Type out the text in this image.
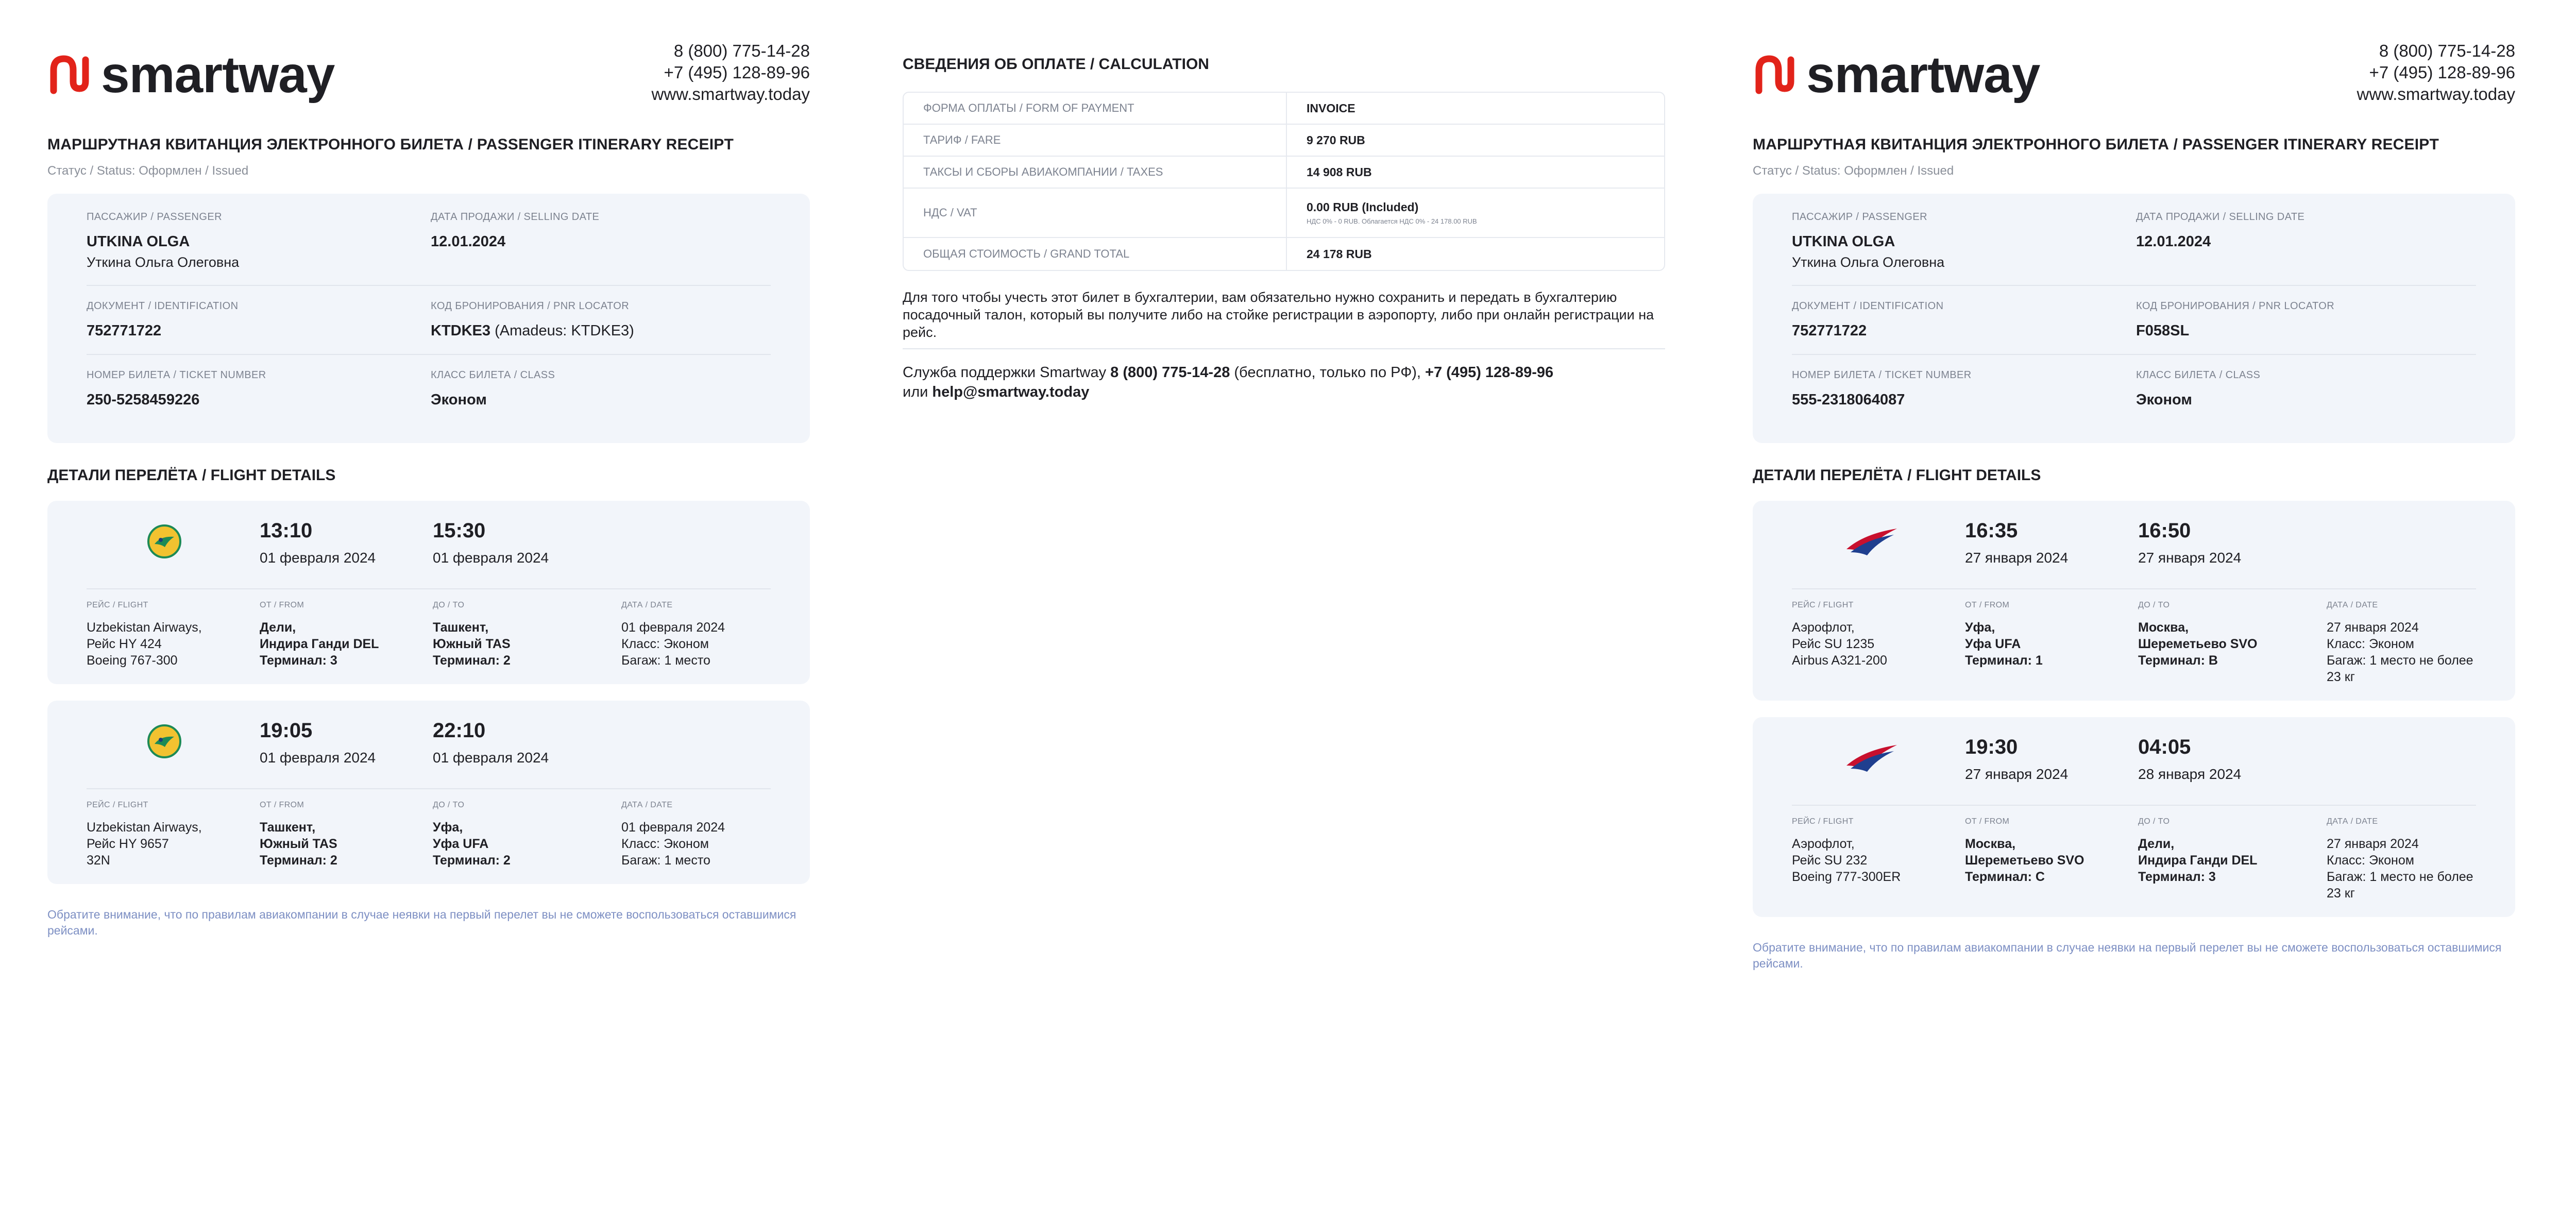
smartway	8 (800) 775-14-28
+7 (495) 128-89-96
www.smartway.today
МАРШРУТНАЯ КВИТАНЦИЯ ЭЛЕКТРОННОГО БИЛЕТА / PASSENGER ITINERARY RECEIPT
Статус / Status: Оформлен / Issued
ПАССАЖИР / PASSENGER
UTKINA OLGA
Уткина Ольга Олеговна
ДАТА ПРОДАЖИ / SELLING DATE
12.01.2024
ДОКУМЕНТ / IDENTIFICATION
752771722
КОД БРОНИРОВАНИЯ / PNR LOCATOR
KTDKE3 (Amadeus: KTDKE3)
НОМЕР БИЛЕТА / TICKET NUMBER
250-5258459226
КЛАСС БИЛЕТА / CLASS
Эконом
ДЕТАЛИ ПЕРЕЛЁТА / FLIGHT DETAILS
13:10
01 февраля 2024
15:30
01 февраля 2024
РЕЙС / FLIGHT
Uzbekistan Airways,
Рейс HY 424
Boeing 767-300
ОТ / FROM
Дели,
Индира Ганди DEL
Терминал: 3
ДО / TO
Ташкент,
Южный TAS
Терминал: 2
ДАТА / DATE
01 февраля 2024
Класс: Эконом
Багаж: 1 место
19:05
01 февраля 2024
22:10
01 февраля 2024
РЕЙС / FLIGHT
Uzbekistan Airways,
Рейс HY 9657
32N
ОТ / FROM
Ташкент,
Южный TAS
Терминал: 2
ДО / TO
Уфа,
Уфа UFA
Терминал: 2
ДАТА / DATE
01 февраля 2024
Класс: Эконом
Багаж: 1 место
Обратите внимание, что по правилам авиакомпании в случае неявки на первый перелет вы не сможете воспользоваться оставшимися рейсами.
СВЕДЕНИЯ ОБ ОПЛАТЕ / CALCULATION
ФОРМА ОПЛАТЫ / FORM OF PAYMENT	INVOICE
ТАРИФ / FARE	9 270 RUB
ТАКСЫ И СБОРЫ АВИАКОМПАНИИ / TAXES	14 908 RUB
НДС / VAT	0.00 RUB (Included)
НДС 0% - 0 RUB. Облагается НДС 0% - 24 178.00 RUB
ОБЩАЯ СТОИМОСТЬ / GRAND TOTAL	24 178 RUB
Для того чтобы учесть этот билет в бухгалтерии, вам обязательно нужно сохранить и передать в бухгалтерию посадочный талон, который вы получите либо на стойке регистрации в аэропорту, либо при онлайн регистрации на рейс.
Служба поддержки Smartway 8 (800) 775-14-28 (бесплатно, только по РФ), +7 (495) 128-89-96
или help@smartway.today
smartway	8 (800) 775-14-28
+7 (495) 128-89-96
www.smartway.today
МАРШРУТНАЯ КВИТАНЦИЯ ЭЛЕКТРОННОГО БИЛЕТА / PASSENGER ITINERARY RECEIPT
Статус / Status: Оформлен / Issued
ПАССАЖИР / PASSENGER
UTKINA OLGA
Уткина Ольга Олеговна
ДАТА ПРОДАЖИ / SELLING DATE
12.01.2024
ДОКУМЕНТ / IDENTIFICATION
752771722
КОД БРОНИРОВАНИЯ / PNR LOCATOR
F058SL
НОМЕР БИЛЕТА / TICKET NUMBER
555-2318064087
КЛАСС БИЛЕТА / CLASS
Эконом
ДЕТАЛИ ПЕРЕЛЁТА / FLIGHT DETAILS
16:35
27 января 2024
16:50
27 января 2024
РЕЙС / FLIGHT
Аэрофлот,
Рейс SU 1235
Airbus A321-200
ОТ / FROM
Уфа,
Уфа UFA
Терминал: 1
ДО / TO
Москва,
Шереметьево SVO
Терминал: B
ДАТА / DATE
27 января 2024
Класс: Эконом
Багаж: 1 место не более
23 кг
19:30
27 января 2024
04:05
28 января 2024
РЕЙС / FLIGHT
Аэрофлот,
Рейс SU 232
Boeing 777-300ER
ОТ / FROM
Москва,
Шереметьево SVO
Терминал: C
ДО / TO
Дели,
Индира Ганди DEL
Терминал: 3
ДАТА / DATE
27 января 2024
Класс: Эконом
Багаж: 1 место не более
23 кг
Обратите внимание, что по правилам авиакомпании в случае неявки на первый перелет вы не сможете воспользоваться оставшимися рейсами.
